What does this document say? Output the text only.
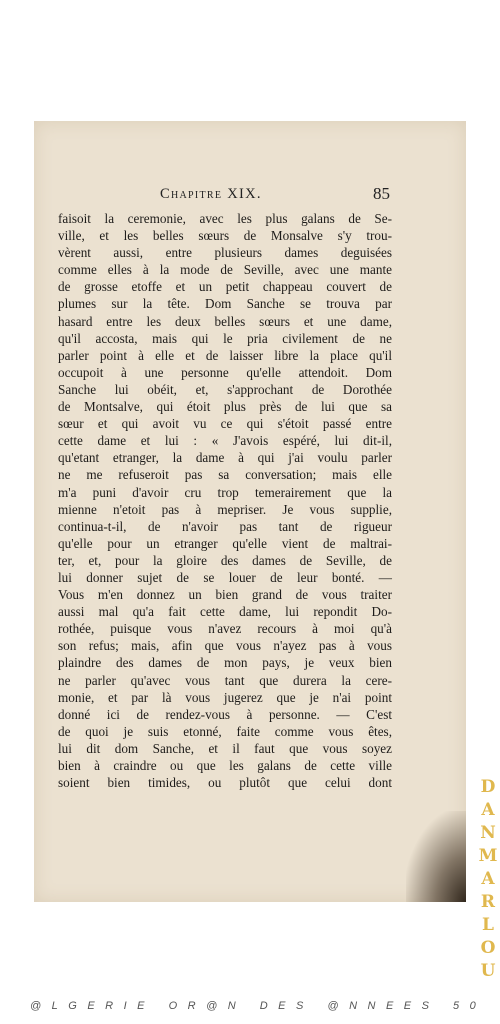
Chapitre XIX.	85
faisoit la ceremonie, avec les plus galans de Se-
ville, et les belles sœurs de Monsalve s'y trou-
vèrent aussi, entre plusieurs dames deguisées
comme elles à la mode de Seville, avec une mante
de grosse etoffe et un petit chappeau couvert de
plumes sur la tête. Dom Sanche se trouva par
hasard entre les deux belles sœurs et une dame,
qu'il accosta, mais qui le pria civilement de ne
parler point à elle et de laisser libre la place qu'il
occupoit à une personne qu'elle attendoit. Dom
Sanche lui obéit, et, s'approchant de Dorothée
de Montsalve, qui étoit plus près de lui que sa
sœur et qui avoit vu ce qui s'étoit passé entre
cette dame et lui : « J'avois espéré, lui dit-il,
qu'etant etranger, la dame à qui j'ai voulu parler
ne me refuseroit pas sa conversation; mais elle
m'a puni d'avoir cru trop temerairement que la
mienne n'etoit pas à mepriser. Je vous supplie,
continua-t-il, de n'avoir pas tant de rigueur
qu'elle pour un etranger qu'elle vient de maltrai-
ter, et, pour la gloire des dames de Seville, de
lui donner sujet de se louer de leur bonté. —
Vous m'en donnez un bien grand de vous traiter
aussi mal qu'a fait cette dame, lui repondit Do-
rothée, puisque vous n'avez recours à moi qu'à
son refus; mais, afin que vous n'ayez pas à vous
plaindre des dames de mon pays, je veux bien
ne parler qu'avec vous tant que durera la cere-
monie, et par là vous jugerez que je n'ai point
donné ici de rendez-vous à personne. — C'est
de quoi je suis etonné, faite comme vous êtes,
lui dit dom Sanche, et il faut que vous soyez
bien à craindre ou que les galans de cette ville
soient bien timides, ou plutôt que celui dont	D
A
N
M
A
R
L
O
U
@LGERIE OR@N DES @NNEES 50
